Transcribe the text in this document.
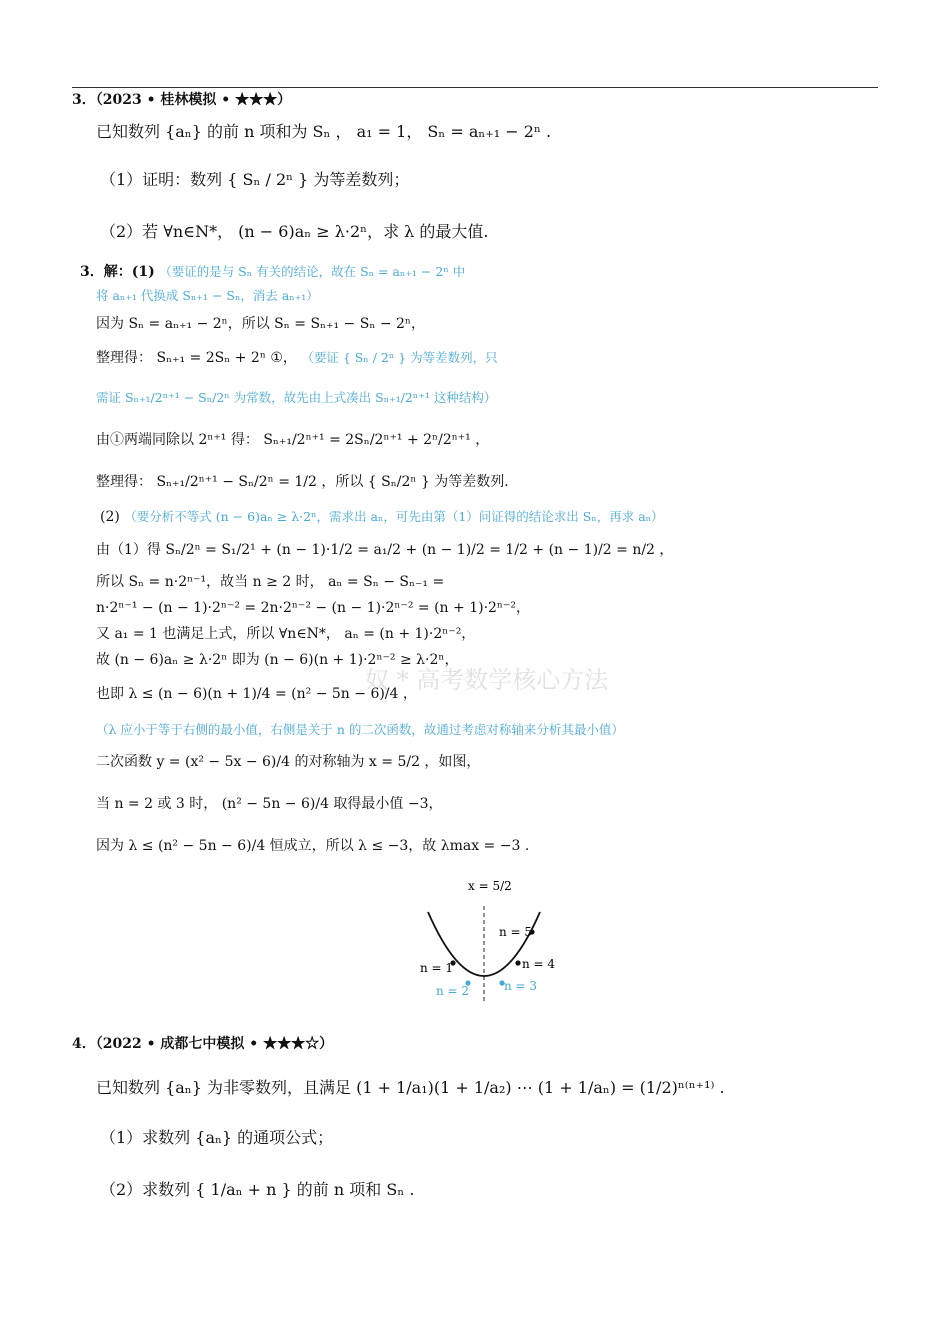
奴 * 高考数学核心方法
3．（2023 • 桂林模拟 • ★★★）
已知数列 {aₙ} 的前 n 项和为 Sₙ ， a₁ = 1， Sₙ = aₙ₊₁ − 2ⁿ .
（1）证明：数列 { Sₙ / 2ⁿ } 为等差数列；
（2）若 ∀n∈N*， (n − 6)aₙ ≥ λ·2ⁿ，求 λ 的最大值.
3．解：(1) （要证的是与 Sₙ 有关的结论，故在 Sₙ = aₙ₊₁ − 2ⁿ 中
将 aₙ₊₁ 代换成 Sₙ₊₁ − Sₙ，消去 aₙ₊₁）
因为 Sₙ = aₙ₊₁ − 2ⁿ，所以 Sₙ = Sₙ₊₁ − Sₙ − 2ⁿ，
整理得： Sₙ₊₁ = 2Sₙ + 2ⁿ ①， （要证 { Sₙ / 2ⁿ } 为等差数列，只
需证 Sₙ₊₁/2ⁿ⁺¹ − Sₙ/2ⁿ 为常数，故先由上式凑出 Sₙ₊₁/2ⁿ⁺¹ 这种结构）
由①两端同除以 2ⁿ⁺¹ 得： Sₙ₊₁/2ⁿ⁺¹ = 2Sₙ/2ⁿ⁺¹ + 2ⁿ/2ⁿ⁺¹ ，
整理得： Sₙ₊₁/2ⁿ⁺¹ − Sₙ/2ⁿ = 1/2 ，所以 { Sₙ/2ⁿ } 为等差数列.
(2) （要分析不等式 (n − 6)aₙ ≥ λ·2ⁿ，需求出 aₙ，可先由第（1）问证得的结论求出 Sₙ，再求 aₙ）
由（1）得 Sₙ/2ⁿ = S₁/2¹ + (n − 1)·1/2 = a₁/2 + (n − 1)/2 = 1/2 + (n − 1)/2 = n/2 ，
所以 Sₙ = n·2ⁿ⁻¹，故当 n ≥ 2 时， aₙ = Sₙ − Sₙ₋₁ =
n·2ⁿ⁻¹ − (n − 1)·2ⁿ⁻² = 2n·2ⁿ⁻² − (n − 1)·2ⁿ⁻² = (n + 1)·2ⁿ⁻²，
又 a₁ = 1 也满足上式，所以 ∀n∈N*， aₙ = (n + 1)·2ⁿ⁻²，
故 (n − 6)aₙ ≥ λ·2ⁿ 即为 (n − 6)(n + 1)·2ⁿ⁻² ≥ λ·2ⁿ，
也即 λ ≤ (n − 6)(n + 1)/4 = (n² − 5n − 6)/4 ，
（λ 应小于等于右侧的最小值，右侧是关于 n 的二次函数，故通过考虑对称轴来分析其最小值）
二次函数 y = (x² − 5x − 6)/4 的对称轴为 x = 5/2 ，如图，
当 n = 2 或 3 时， (n² − 5n − 6)/4 取得最小值 −3，
因为 λ ≤ (n² − 5n − 6)/4 恒成立，所以 λ ≤ −3，故 λmax = −3 .
x = 5/2
n = 1
n = 2	n = 3
n = 4
n = 5
4．（2022 • 成都七中模拟 • ★★★☆）
已知数列 {aₙ} 为非零数列，且满足 (1 + 1/a₁)(1 + 1/a₂) ⋯ (1 + 1/aₙ) = (1/2)ⁿ⁽ⁿ⁺¹⁾ .
（1）求数列 {aₙ} 的通项公式；
（2）求数列 { 1/aₙ + n } 的前 n 项和 Sₙ .
